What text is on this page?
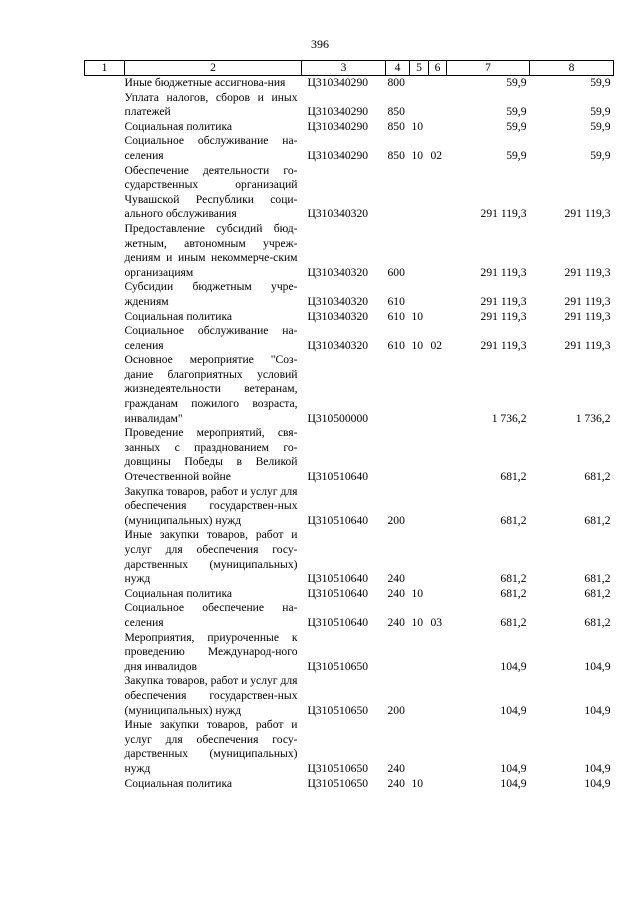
396
1	2	3	4	5	6	7	8
	Иные бюджетные ассигнова-ния	Ц310340290	800			59,9	59,9
	Уплата налогов, сборов и иных платежей	Ц310340290	850			59,9	59,9
	Социальная политика	Ц310340290	850	10		59,9	59,9
	Социальное обслуживание на-селения	Ц310340290	850	10	02	59,9	59,9
	Обеспечение деятельности го-сударственных организаций Чувашской Республики соци-ального обслуживания	Ц310340320				291 119,3	291 119,3
	Предоставление субсидий бюд-жетным, автономным учреж-дениям и иным некоммерче-ским организациям	Ц310340320	600			291 119,3	291 119,3
	Субсидии бюджетным учре-ждениям	Ц310340320	610			291 119,3	291 119,3
	Социальная политика	Ц310340320	610	10		291 119,3	291 119,3
	Социальное обслуживание на-селения	Ц310340320	610	10	02	291 119,3	291 119,3
	Основное мероприятие "Соз-дание благоприятных условий жизнедеятельности ветеранам, гражданам пожилого возраста, инвалидам"	Ц310500000				1 736,2	1 736,2
	Проведение мероприятий, свя-занных с празднованием го-довщины Победы в Великой Отечественной войне	Ц310510640				681,2	681,2
	Закупка товаров, работ и услуг для обеспечения государствен-ных (муниципальных) нужд	Ц310510640	200			681,2	681,2
	Иные закупки товаров, работ и услуг для обеспечения госу-дарственных (муниципальных) нужд	Ц310510640	240			681,2	681,2
	Социальная политика	Ц310510640	240	10		681,2	681,2
	Социальное обеспечение на-селения	Ц310510640	240	10	03	681,2	681,2
	Мероприятия, приуроченные к проведению Международ-ного дня инвалидов	Ц310510650				104,9	104,9
	Закупка товаров, работ и услуг для обеспечения государствен-ных (муниципальных) нужд	Ц310510650	200			104,9	104,9
	Иные закупки товаров, работ и услуг для обеспечения госу-дарственных (муниципальных) нужд	Ц310510650	240			104,9	104,9
	Социальная политика	Ц310510650	240	10		104,9	104,9
